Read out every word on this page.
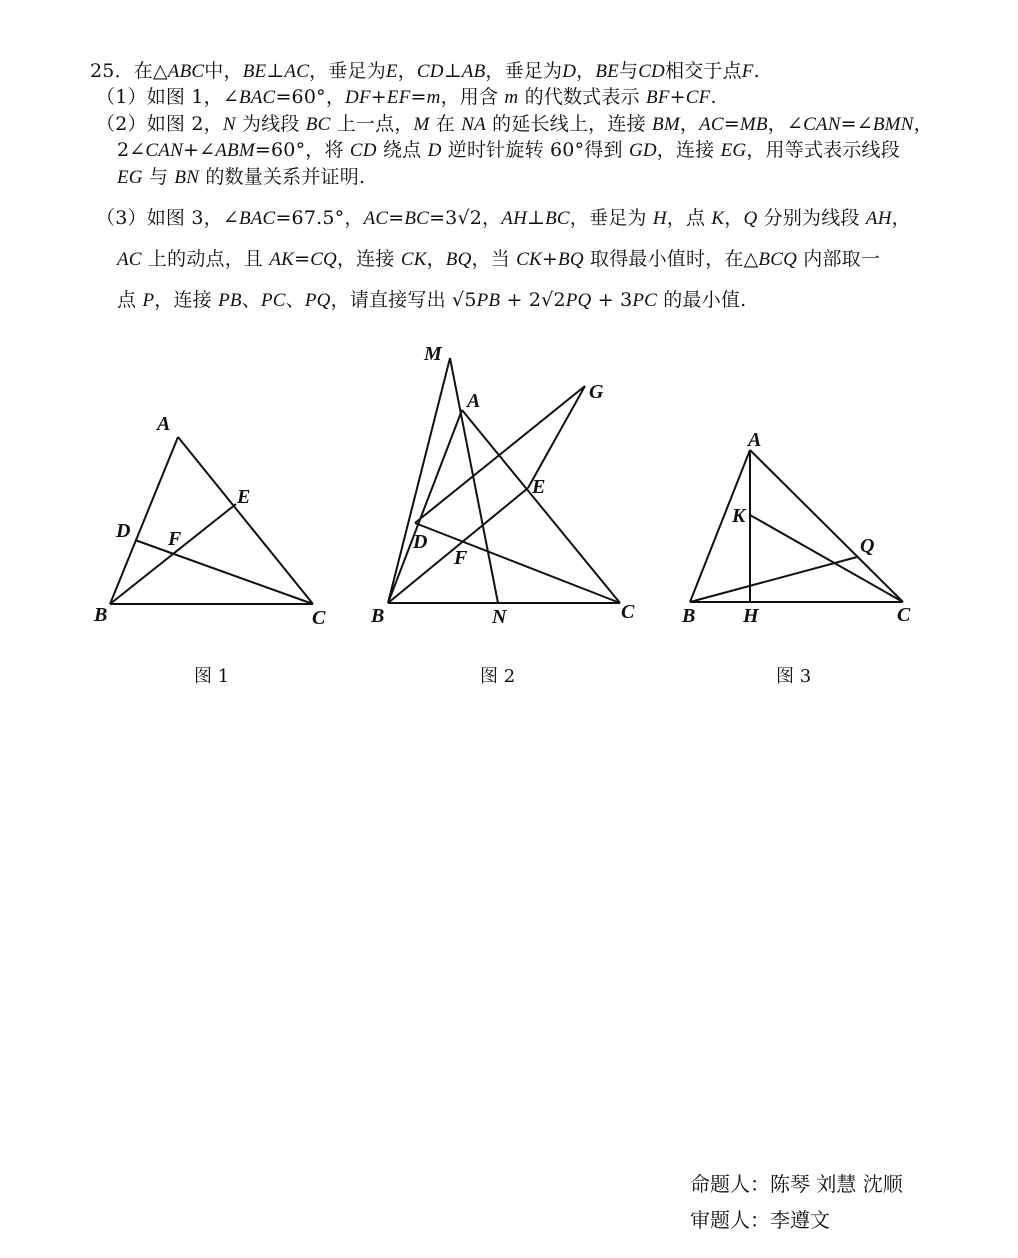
25．在△ABC中，BE⊥AC，垂足为E，CD⊥AB，垂足为D，BE与CD相交于点F.
（1）如图 1，∠BAC=60°，DF+EF=m，用含 m 的代数式表示 BF+CF.
（2）如图 2，N 为线段 BC 上一点，M 在 NA 的延长线上，连接 BM，AC=MB，∠CAN=∠BMN，
2∠CAN+∠ABM=60°，将 CD 绕点 D 逆时针旋转 60°得到 GD，连接 EG，用等式表示线段
EG 与 BN 的数量关系并证明.
（3）如图 3，∠BAC=67.5°，AC=BC=3√2，AH⊥BC，垂足为 H，点 K，Q 分别为线段 AH，
AC 上的动点，且 AK=CQ，连接 CK，BQ，当 CK+BQ 取得最小值时，在△BCQ 内部取一
点 P，连接 PB、PC、PQ，请直接写出 √5PB + 2√2PQ + 3PC 的最小值.
A
B	C
D
E
F
M
A	G
E
D
F
B	N	C
A
K
Q
B H	C
图 1	图 2	图 3
命题人：陈琴 刘慧 沈顺
审题人：李遵文
